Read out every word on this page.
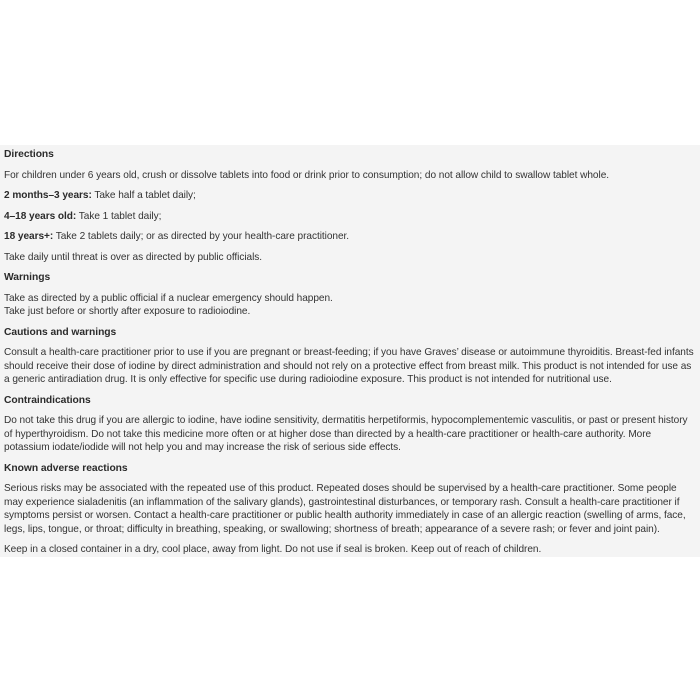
Directions

For children under 6 years old, crush or dissolve tablets into food or drink prior to consumption; do not allow child to swallow tablet whole.

2 months–3 years: Take half a tablet daily;

4–18 years old: Take 1 tablet daily;

18 years+: Take 2 tablets daily; or as directed by your health-care practitioner.

Take daily until threat is over as directed by public officials.

Warnings

Take as directed by a public official if a nuclear emergency should happen.

Take just before or shortly after exposure to radioiodine.

Cautions and warnings

Consult a health-care practitioner prior to use if you are pregnant or breast-feeding; if you have Graves’ disease or autoimmune thyroiditis. Breast-fed infants should receive their dose of iodine by direct administration and should not rely on a protective effect from breast milk. This product is not intended for use as a generic antiradiation drug. It is only effective for specific use during radioiodine exposure. This product is not intended for nutritional use.

Contraindications

Do not take this drug if you are allergic to iodine, have iodine sensitivity, dermatitis herpetiformis, hypocomplementemic vasculitis, or past or present history of hyperthyroidism. Do not take this medicine more often or at higher dose than directed by a health-care practitioner or health-care authority. More potassium iodate/iodide will not help you and may increase the risk of serious side effects.

Known adverse reactions

Serious risks may be associated with the repeated use of this product. Repeated doses should be supervised by a health-care practitioner. Some people may experience sialadenitis (an inflammation of the salivary glands), gastrointestinal disturbances, or temporary rash. Consult a health-care practitioner if symptoms persist or worsen. Contact a health-care practitioner or public health authority immediately in case of an allergic reaction (swelling of arms, face, legs, lips, tongue, or throat; difficulty in breathing, speaking, or swallowing; shortness of breath; appearance of a severe rash; or fever and joint pain).

Keep in a closed container in a dry, cool place, away from light. Do not use if seal is broken. Keep out of reach of children.
